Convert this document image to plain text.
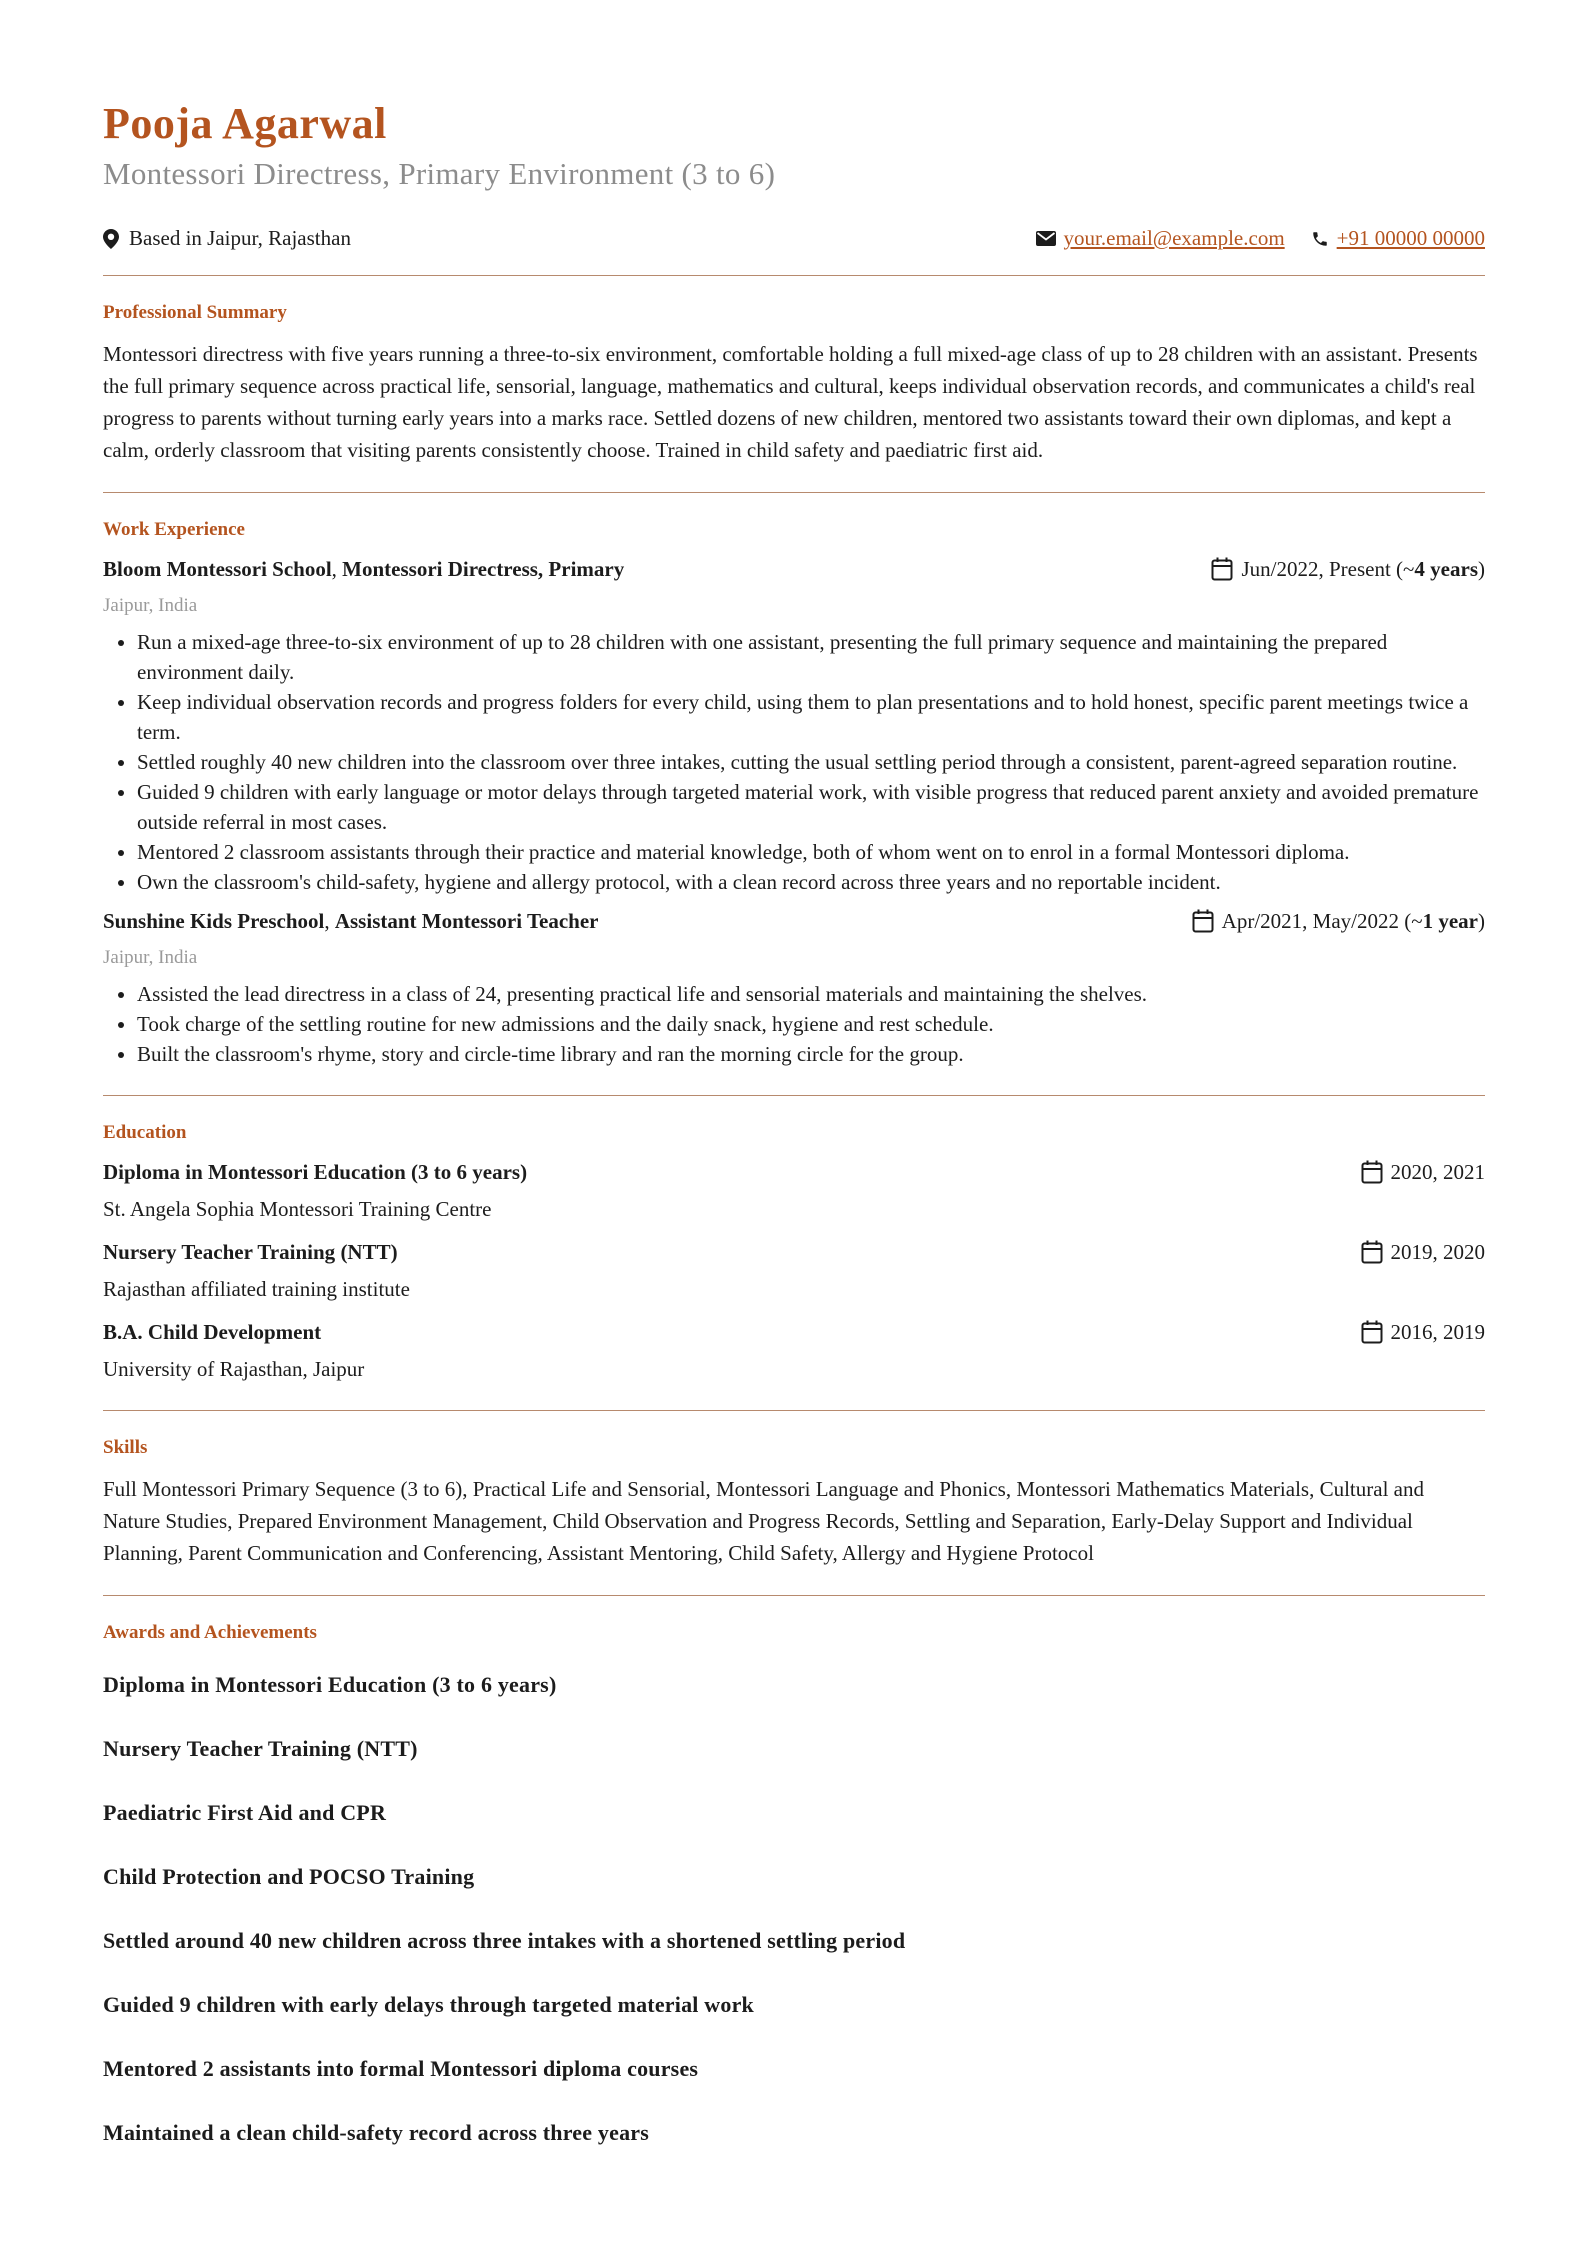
Pooja Agarwal
Montessori Directress, Primary Environment (3 to 6)
Based in Jaipur, Rajasthan	your.email@example.com +91 00000 00000
Professional Summary

Montessori directress with five years running a three-to-six environment, comfortable holding a full mixed-age class of up to 28 children with an assistant. Presents the full primary sequence across practical life, sensorial, language, mathematics and cultural, keeps individual observation records, and communicates a child's real progress to parents without turning early years into a marks race. Settled dozens of new children, mentored two assistants toward their own diplomas, and kept a calm, orderly classroom that visiting parents consistently choose. Trained in child safety and paediatric first aid.

Work Experience
Bloom Montessori School, Montessori Directress, Primary	Jun/2022, Present (~ 4 years )
Jaipur, India
• Run a mixed-age three-to-six environment of up to 28 children with one assistant, presenting the full primary sequence and maintaining the prepared environment daily.
• Keep individual observation records and progress folders for every child, using them to plan presentations and to hold honest, specific parent meetings twice a term.
• Settled roughly 40 new children into the classroom over three intakes, cutting the usual settling period through a consistent, parent-agreed separation routine.
• Guided 9 children with early language or motor delays through targeted material work, with visible progress that reduced parent anxiety and avoided premature outside referral in most cases.
• Mentored 2 classroom assistants through their practice and material knowledge, both of whom went on to enrol in a formal Montessori diploma.
• Own the classroom's child-safety, hygiene and allergy protocol, with a clean record across three years and no reportable incident.
Sunshine Kids Preschool, Assistant Montessori Teacher	Apr/2021, May/2022 (~ 1 year )
Jaipur, India
• Assisted the lead directress in a class of 24, presenting practical life and sensorial materials and maintaining the shelves.
• Took charge of the settling routine for new admissions and the daily snack, hygiene and rest schedule.
• Built the classroom's rhyme, story and circle-time library and ran the morning circle for the group.
Education
Diploma in Montessori Education (3 to 6 years)	2020, 2021
St. Angela Sophia Montessori Training Centre
Nursery Teacher Training (NTT)	2019, 2020
Rajasthan affiliated training institute
B.A. Child Development	2016, 2019
University of Rajasthan, Jaipur
Skills

Full Montessori Primary Sequence (3 to 6), Practical Life and Sensorial, Montessori Language and Phonics, Montessori Mathematics Materials, Cultural and Nature Studies, Prepared Environment Management, Child Observation and Progress Records, Settling and Separation, Early-Delay Support and Individual Planning, Parent Communication and Conferencing, Assistant Mentoring, Child Safety, Allergy and Hygiene Protocol

Awards and Achievements

Diploma in Montessori Education (3 to 6 years)

Nursery Teacher Training (NTT)

Paediatric First Aid and CPR

Child Protection and POCSO Training

Settled around 40 new children across three intakes with a shortened settling period

Guided 9 children with early delays through targeted material work

Mentored 2 assistants into formal Montessori diploma courses

Maintained a clean child-safety record across three years
